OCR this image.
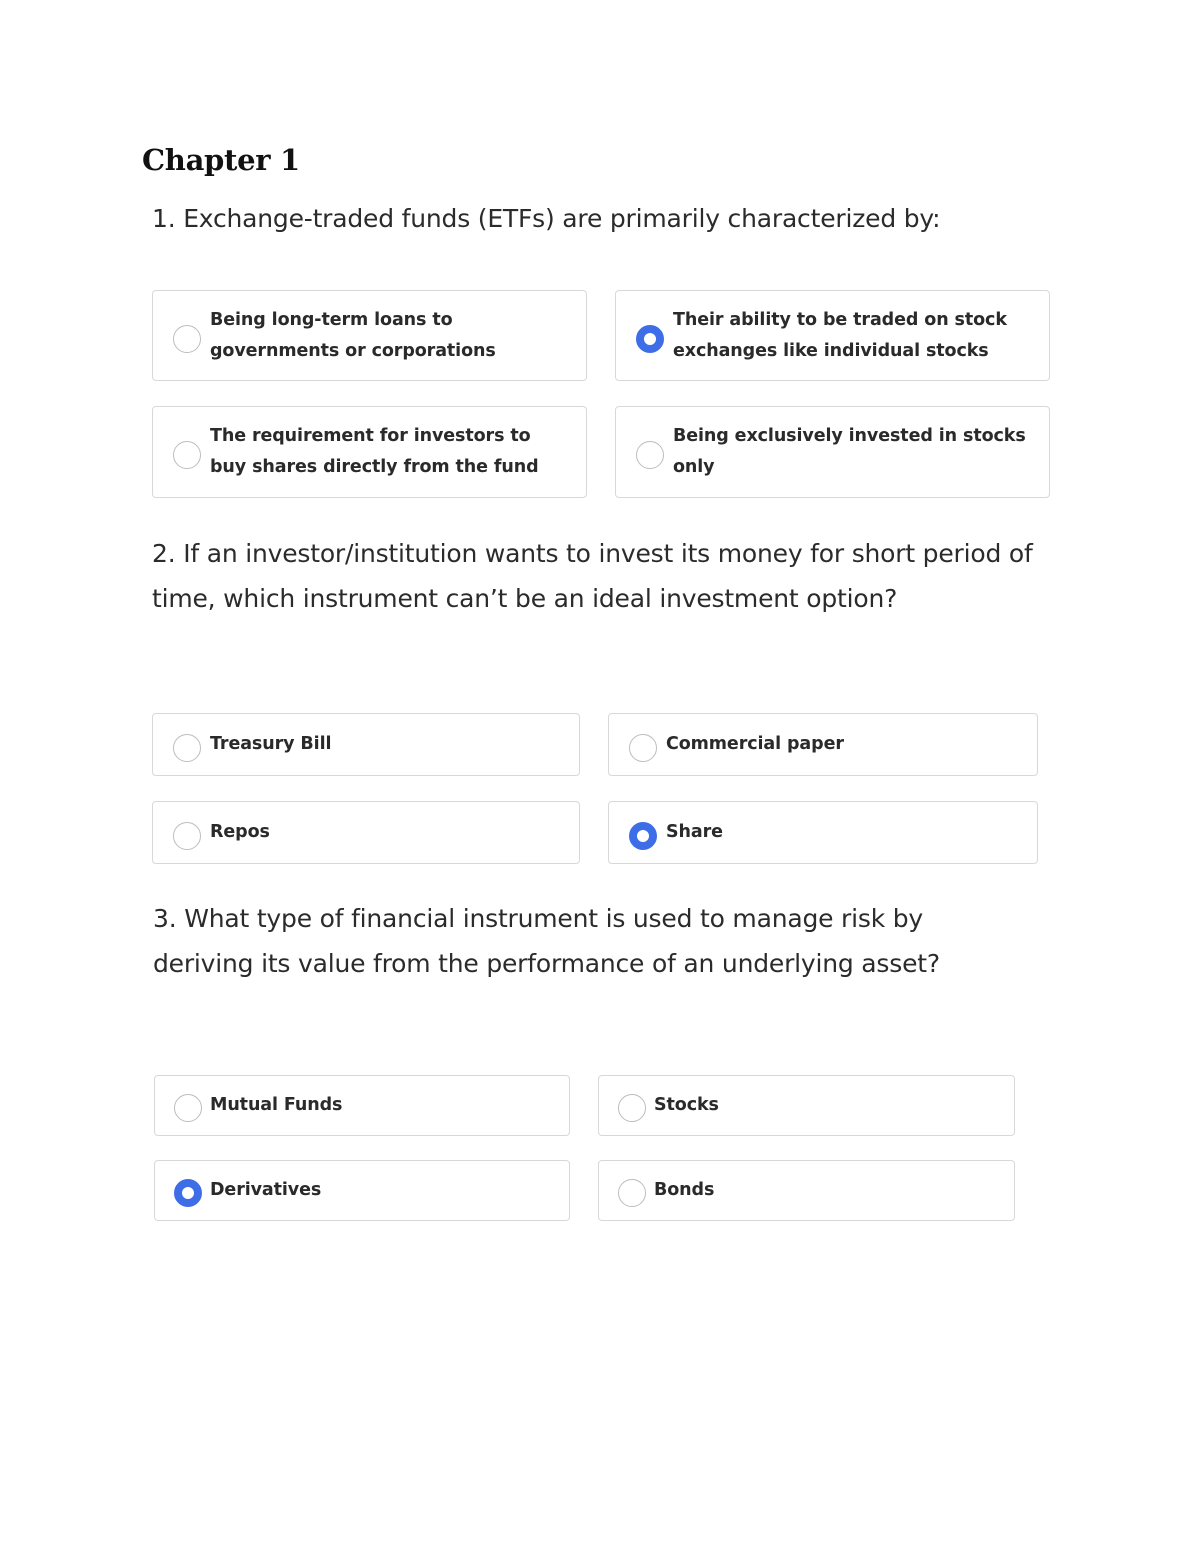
Chapter 1

1. Exchange-traded funds (ETFs) are primarily characterized by:

Being long-term loans to governments or corporations
Their ability to be traded on stock exchanges like individual stocks
The requirement for investors to buy shares directly from the fund
Being exclusively invested in stocks only

2. If an investor/institution wants to invest its money for short period of time, which instrument can’t be an ideal investment option?

Treasury Bill	Commercial paper
Repos	Share

3. What type of financial instrument is used to manage risk by deriving its value from the performance of an underlying asset?

Mutual Funds	Stocks
Derivatives	Bonds
